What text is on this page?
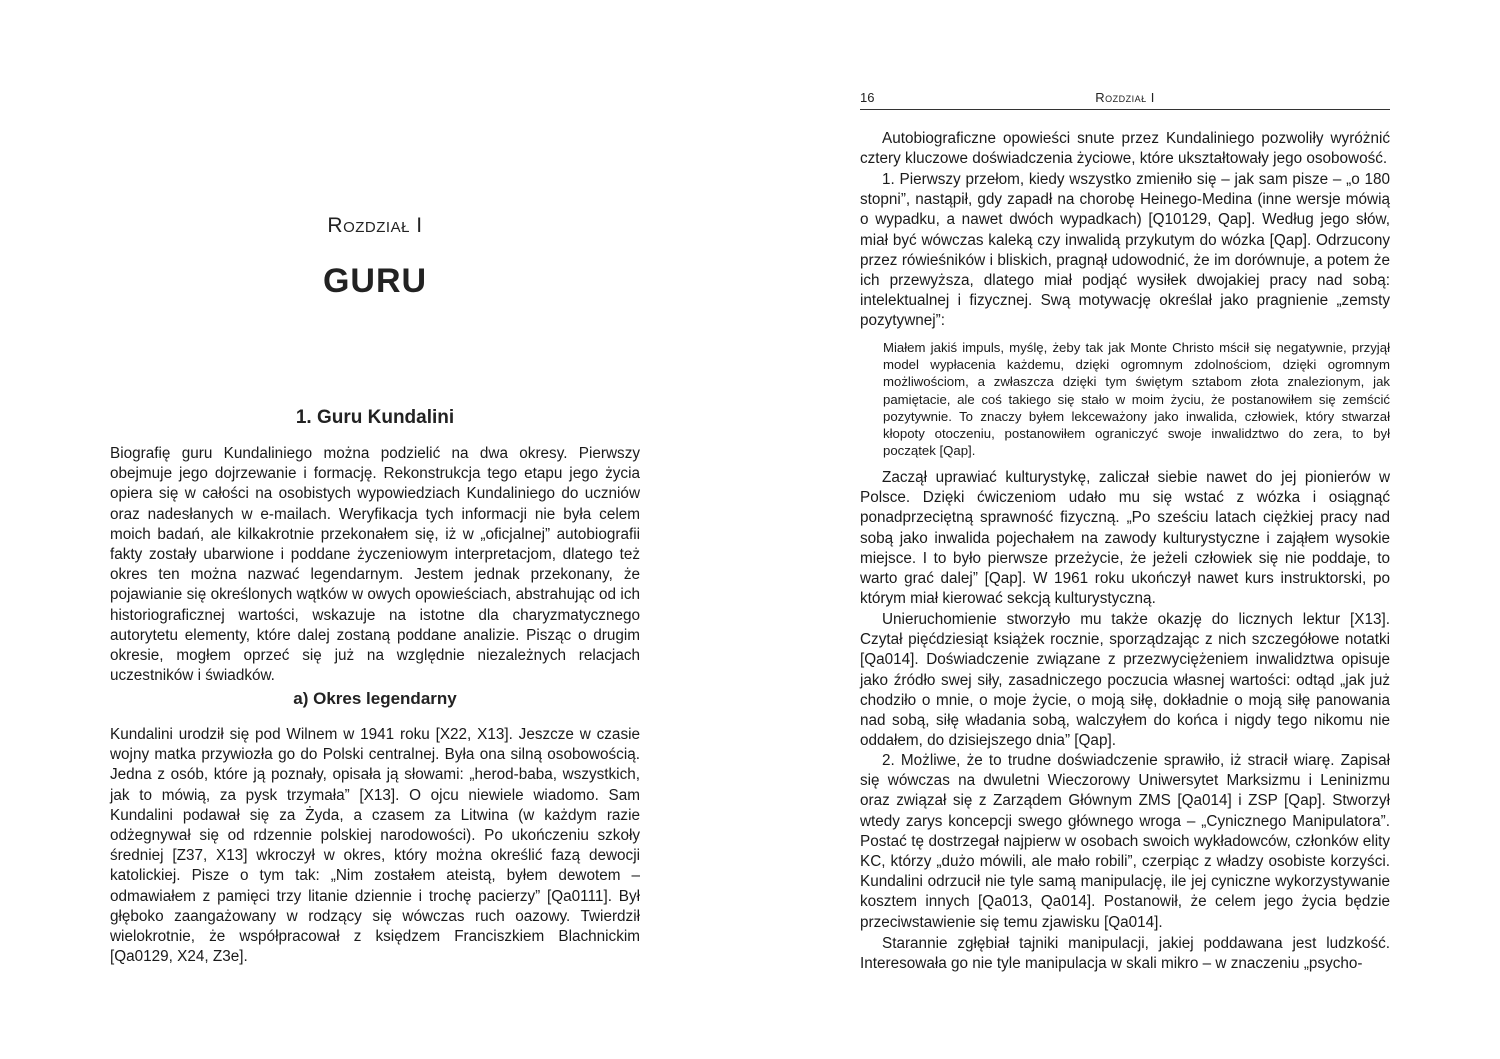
Rozdział I
GURU
1. Guru Kundalini

Biografię guru Kundaliniego można podzielić na dwa okresy. Pierwszy obejmuje jego dojrzewanie i formację. Rekonstrukcja tego etapu jego życia opiera się w całości na osobistych wypowiedziach Kundaliniego do uczniów oraz nadesłanych w e-mailach. Weryfikacja tych informacji nie była celem moich badań, ale kilkakrotnie przekonałem się, iż w „oficjalnej” autobiografii fakty zostały ubarwione i poddane życzeniowym interpretacjom, dlatego też okres ten można nazwać legendarnym. Jestem jednak przekonany, że pojawianie się określonych wątków w owych opowieściach, abstrahując od ich historiograficznej wartości, wskazuje na istotne dla charyzmatycznego autorytetu elementy, które dalej zostaną poddane analizie. Pisząc o drugim okresie, mogłem oprzeć się już na względnie niezależnych relacjach uczestników i świadków.

a) Okres legendarny

Kundalini urodził się pod Wilnem w 1941 roku [X22, X13]. Jeszcze w czasie wojny matka przywiozła go do Polski centralnej. Była ona silną osobowością. Jedna z osób, które ją poznały, opisała ją słowami: „herod-baba, wszystkich, jak to mówią, za pysk trzymała” [X13]. O ojcu niewiele wiadomo. Sam Kundalini podawał się za Żyda, a czasem za Litwina (w każdym razie odżegnywał się od rdzennie polskiej narodowości). Po ukończeniu szkoły średniej [Z37, X13] wkroczył w okres, który można określić fazą dewocji katolickiej. Pisze o tym tak: „Nim zostałem ateistą, byłem dewotem – odmawiałem z pamięci trzy litanie dziennie i trochę pacierzy” [Qa0111]. Był głęboko zaangażowany w rodzący się wówczas ruch oazowy. Twierdził wielokrotnie, że współpracował z księdzem Franciszkiem Blachnickim [Qa0129, X24, Z3e].

16	Rozdział I

Autobiograficzne opowieści snute przez Kundaliniego pozwoliły wyróżnić cztery kluczowe doświadczenia życiowe, które ukształtowały jego osobowość.

1. Pierwszy przełom, kiedy wszystko zmieniło się – jak sam pisze – „o 180 stopni”, nastąpił, gdy zapadł na chorobę Heinego-Medina (inne wersje mówią o wypadku, a nawet dwóch wypadkach) [Q10129, Qap]. Według jego słów, miał być wówczas kaleką czy inwalidą przykutym do wózka [Qap]. Odrzucony przez rówieśników i bliskich, pragnął udowodnić, że im dorównuje, a potem że ich przewyższa, dlatego miał podjąć wysiłek dwojakiej pracy nad sobą: intelektualnej i fizycznej. Swą motywację określał jako pragnienie „zemsty pozytywnej”:

Miałem jakiś impuls, myślę, żeby tak jak Monte Christo mścił się negatywnie, przyjął model wypłacenia każdemu, dzięki ogromnym zdolnościom, dzięki ogromnym możliwościom, a zwłaszcza dzięki tym świętym sztabom złota znalezionym, jak pamiętacie, ale coś takiego się stało w moim życiu, że postanowiłem się zemścić pozytywnie. To znaczy byłem lekceważony jako inwalida, człowiek, który stwarzał kłopoty otoczeniu, postanowiłem ograniczyć swoje inwalidztwo do zera, to był początek [Qap].

Zaczął uprawiać kulturystykę, zaliczał siebie nawet do jej pionierów w Polsce. Dzięki ćwiczeniom udało mu się wstać z wózka i osiągnąć ponadprzeciętną sprawność fizyczną. „Po sześciu latach ciężkiej pracy nad sobą jako inwalida pojechałem na zawody kulturystyczne i zająłem wysokie miejsce. I to było pierwsze przeżycie, że jeżeli człowiek się nie poddaje, to warto grać dalej” [Qap]. W 1961 roku ukończył nawet kurs instruktorski, po którym miał kierować sekcją kulturystyczną.

Unieruchomienie stworzyło mu także okazję do licznych lektur [X13]. Czytał pięćdziesiąt książek rocznie, sporządzając z nich szczegółowe notatki [Qa014]. Doświadczenie związane z przezwyciężeniem inwalidztwa opisuje jako źródło swej siły, zasadniczego poczucia własnej wartości: odtąd „jak już chodziło o mnie, o moje życie, o moją siłę, dokładnie o moją siłę panowania nad sobą, siłę władania sobą, walczyłem do końca i nigdy tego nikomu nie oddałem, do dzisiejszego dnia” [Qap].

2. Możliwe, że to trudne doświadczenie sprawiło, iż stracił wiarę. Zapisał się wówczas na dwuletni Wieczorowy Uniwersytet Marksizmu i Leninizmu oraz związał się z Zarządem Głównym ZMS [Qa014] i ZSP [Qap]. Stworzył wtedy zarys koncepcji swego głównego wroga – „Cynicznego Manipulatora”. Postać tę dostrzegał najpierw w osobach swoich wykładowców, członków elity KC, którzy „dużo mówili, ale mało robili”, czerpiąc z władzy osobiste korzyści. Kundalini odrzucił nie tyle samą manipulację, ile jej cyniczne wykorzystywanie kosztem innych [Qa013, Qa014]. Postanowił, że celem jego życia będzie przeciwstawienie się temu zjawisku [Qa014].

Starannie zgłębiał tajniki manipulacji, jakiej poddawana jest ludzkość. Interesowała go nie tyle manipulacja w skali mikro – w znaczeniu „psycho-
